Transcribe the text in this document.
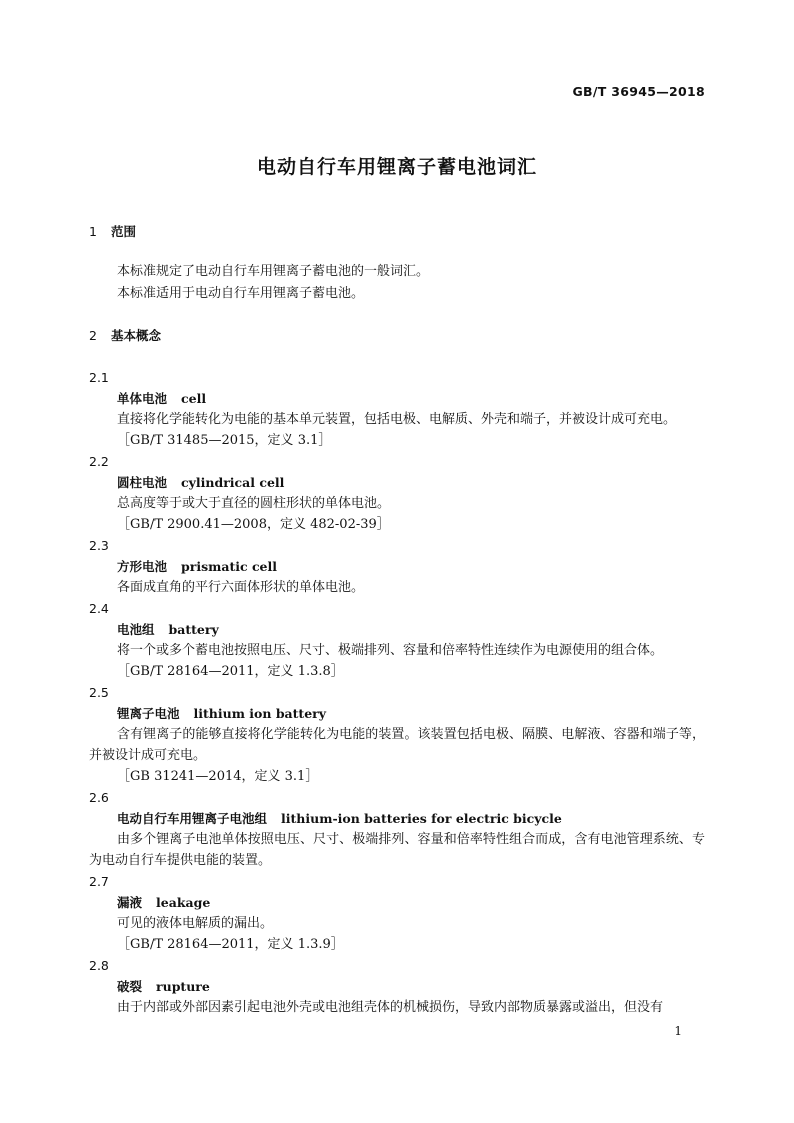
GB/T 36945—2018
电动自行车用锂离子蓄电池词汇
1 范围
本标准规定了电动自行车用锂离子蓄电池的一般词汇。
本标准适用于电动自行车用锂离子蓄电池。
2 基本概念
2.1
单体电池 cell
直接将化学能转化为电能的基本单元装置，包括电极、电解质、外壳和端子，并被设计成可充电。
［GB/T 31485—2015，定义 3.1］
2.2
圆柱电池 cylindrical cell
总高度等于或大于直径的圆柱形状的单体电池。
［GB/T 2900.41—2008，定义 482-02-39］
2.3
方形电池 prismatic cell
各面成直角的平行六面体形状的单体电池。
2.4
电池组 battery
将一个或多个蓄电池按照电压、尺寸、极端排列、容量和倍率特性连续作为电源使用的组合体。
［GB/T 28164—2011，定义 1.3.8］
2.5
锂离子电池 lithium ion battery
含有锂离子的能够直接将化学能转化为电能的装置。该装置包括电极、隔膜、电解液、容器和端子等，并被设计成可充电。
［GB 31241—2014，定义 3.1］
2.6
电动自行车用锂离子电池组 lithium-ion batteries for electric bicycle
由多个锂离子电池单体按照电压、尺寸、极端排列、容量和倍率特性组合而成，含有电池管理系统、专为电动自行车提供电能的装置。
2.7
漏液 leakage
可见的液体电解质的漏出。
［GB/T 28164—2011，定义 1.3.9］
2.8
破裂 rupture
由于内部或外部因素引起电池外壳或电池组壳体的机械损伤，导致内部物质暴露或溢出，但没有
1
